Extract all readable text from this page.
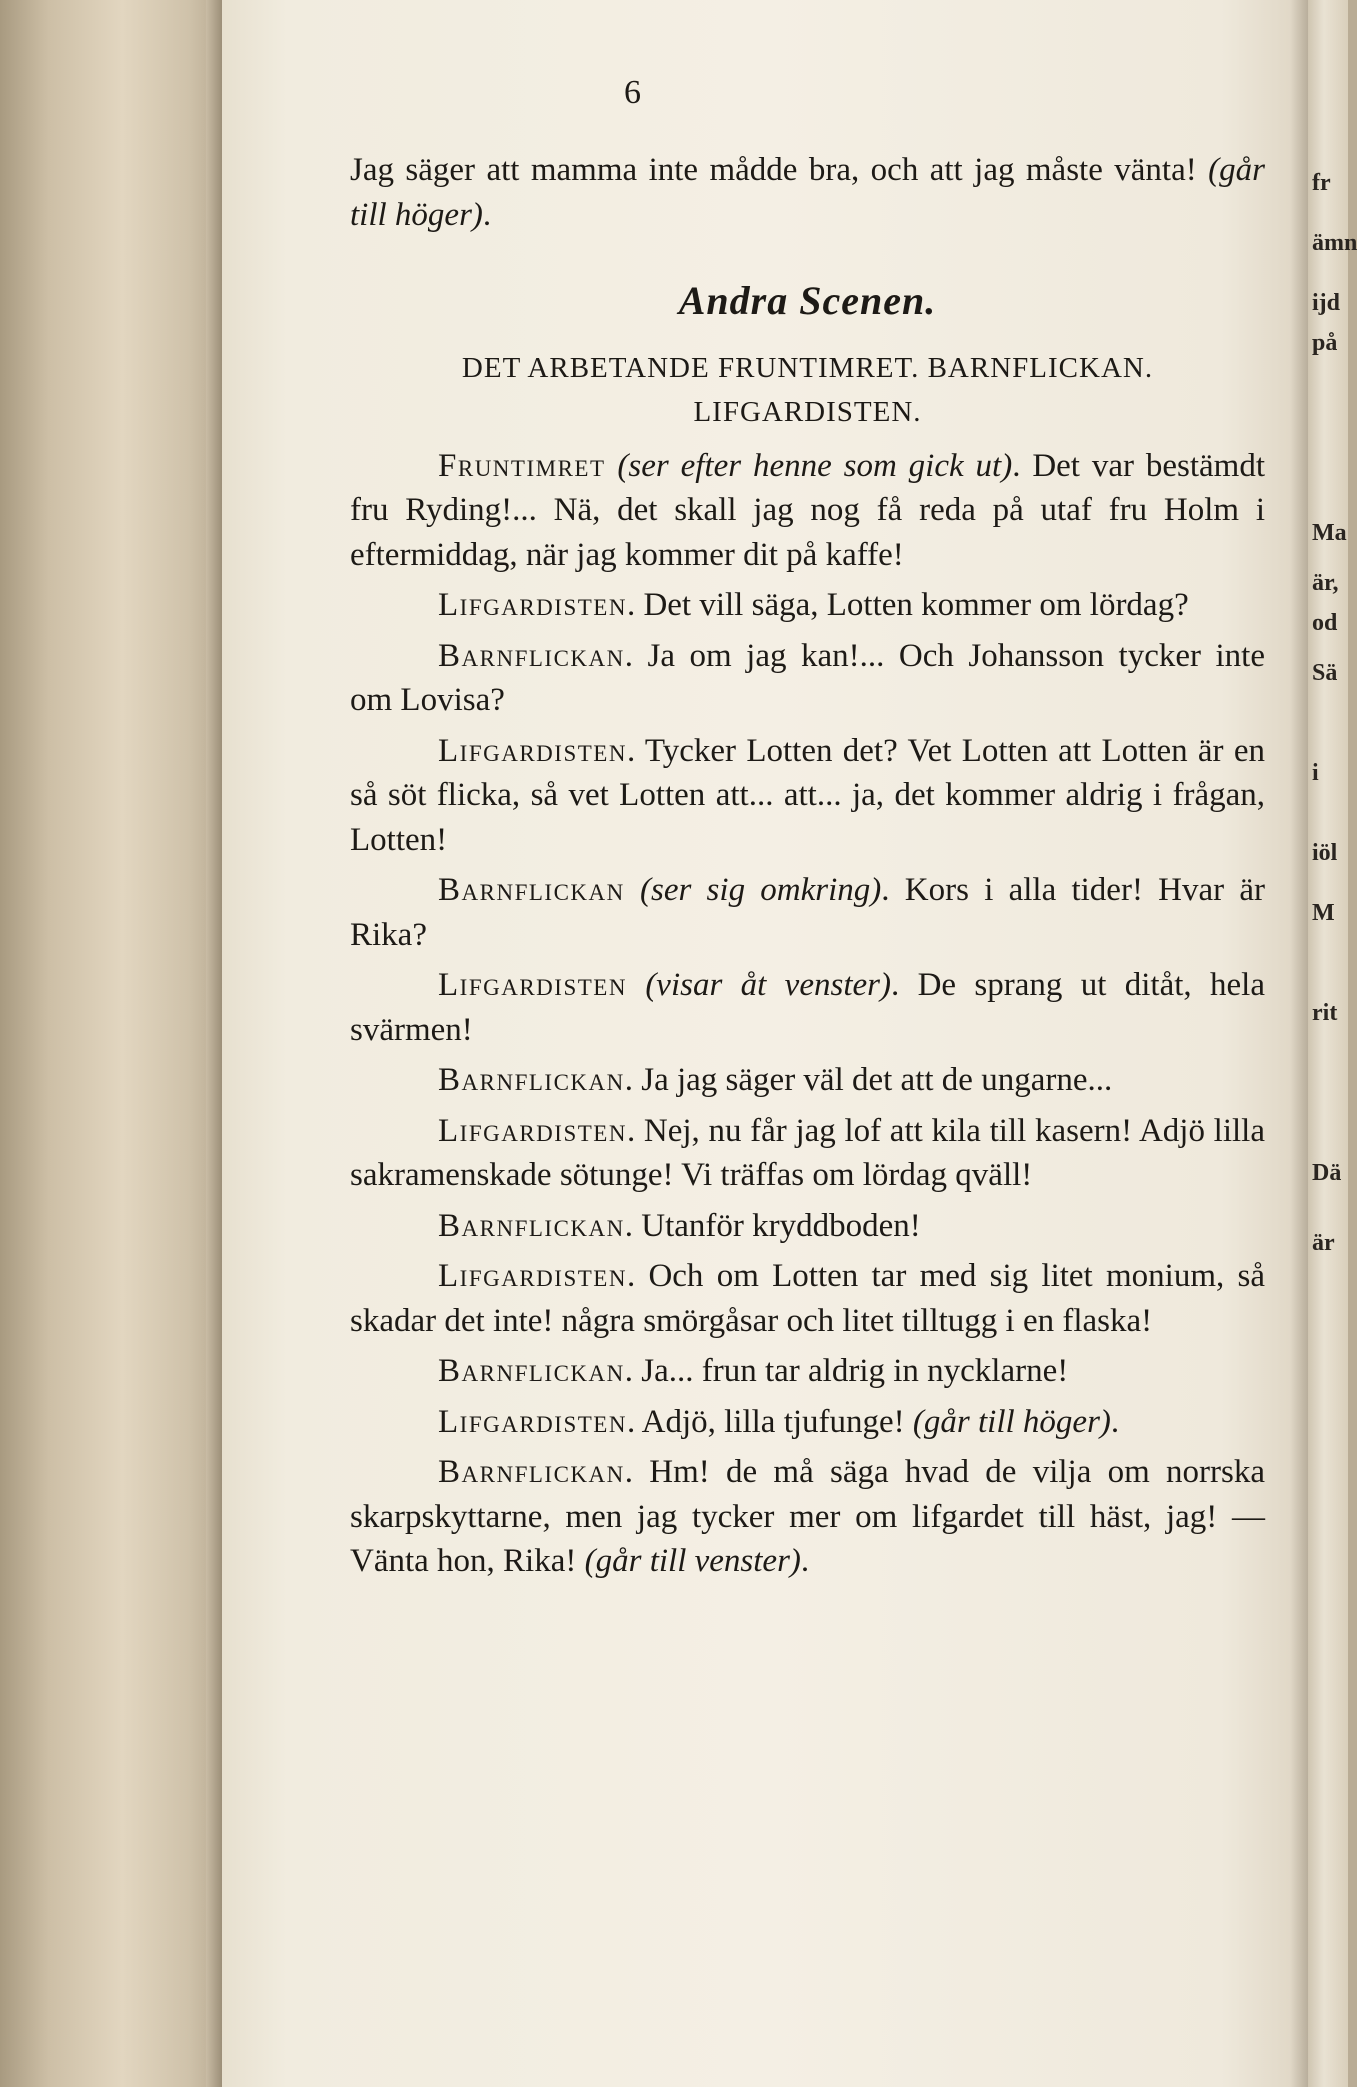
6

Jag säger att mamma inte mådde bra, och att jag måste vänta! (går till höger).

Andra Scenen.
DET ARBETANDE FRUNTIMRET. BARNFLICKAN.
LIFGARDISTEN.

Fruntimret (ser efter henne som gick ut). Det var bestämdt fru Ryding!... Nä, det skall jag nog få reda på utaf fru Holm i eftermiddag, när jag kommer dit på kaffe!

Lifgardisten. Det vill säga, Lotten kommer om lördag?

Barnflickan. Ja om jag kan!... Och Johansson tycker inte om Lovisa?

Lifgardisten. Tycker Lotten det? Vet Lotten att Lotten är en så söt flicka, så vet Lotten att... att... ja, det kommer aldrig i frågan, Lotten!

Barnflickan (ser sig omkring). Kors i alla tider! Hvar är Rika?

Lifgardisten (visar åt venster). De sprang ut ditåt, hela svärmen!

Barnflickan. Ja jag säger väl det att de ungarne...

Lifgardisten. Nej, nu får jag lof att kila till kasern! Adjö lilla sakramenskade sötunge! Vi träffas om lördag qväll!

Barnflickan. Utanför kryddboden!

Lifgardisten. Och om Lotten tar med sig litet monium, så skadar det inte! några smörgåsar och litet tilltugg i en flaska!

Barnflickan. Ja... frun tar aldrig in nycklarne!

Lifgardisten. Adjö, lilla tjufunge! (går till höger).

Barnflickan. Hm! de må säga hvad de vilja om norrska skarpskyttarne, men jag tycker mer om lifgardet till häst, jag! — Vänta hon, Rika! (går till venster).

fr
ämn
ijd
på
Ma
är,
od
Sä
i
iöl
M
rit
Dä
är
